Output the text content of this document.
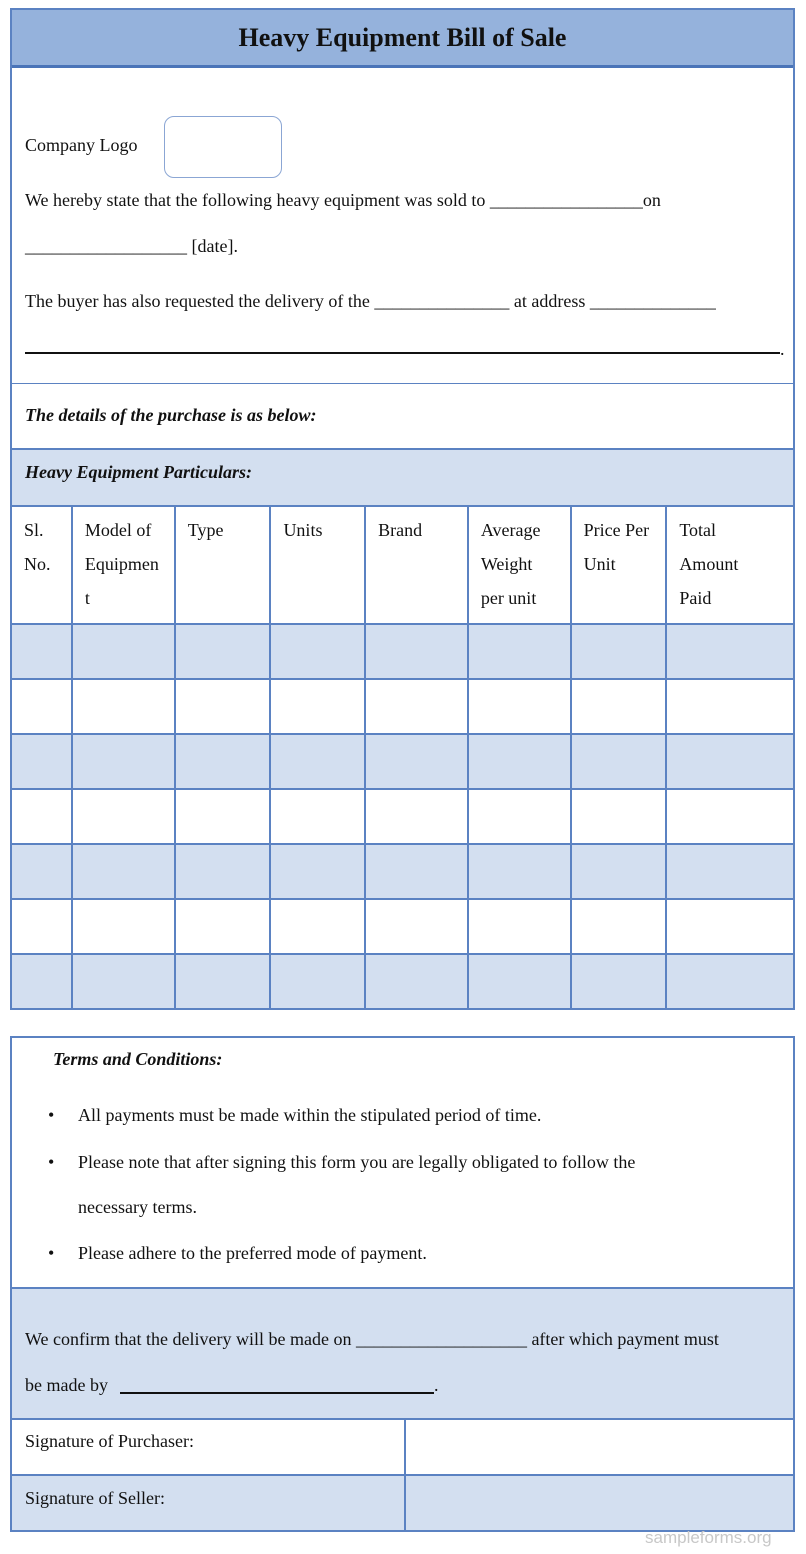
Heavy Equipment Bill of Sale
Company Logo
We hereby state that the following heavy equipment was sold to _________________on
__________________ [date].
The buyer has also requested the delivery of the _______________ at address ______________
.
The details of the purchase is as below:
Heavy Equipment Particulars:
Sl.
No.	Model of
Equipmen
t	Type	Units	Brand	Average
Weight
per unit	Price Per
Unit	Total
Amount
Paid

Terms and Conditions:
• All payments must be made within the stipulated period of time.
• Please note that after signing this form you are legally obligated to follow the
necessary terms.
• Please adhere to the preferred mode of payment.
We confirm that the delivery will be made on ___________________ after which payment must
be made by	.
Signature of Purchaser:
Signature of Seller:
sampleforms.org
